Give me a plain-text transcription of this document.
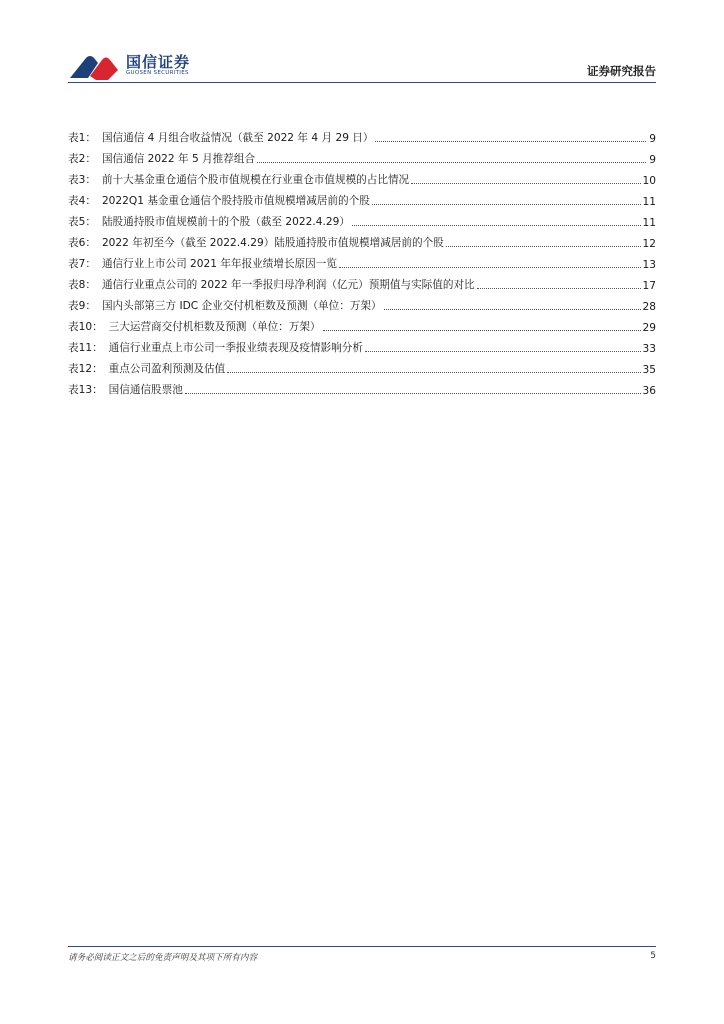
国信证券
GUOSEN SECURITIES	证券研究报告
表1： 国信通信 4 月组合收益情况（截至 2022 年 4 月 29 日）	9
表2： 国信通信 2022 年 5 月推荐组合	9
表3： 前十大基金重仓通信个股市值规模在行业重仓市值规模的占比情况	10
表4： 2022Q1 基金重仓通信个股持股市值规模增减居前的个股	11
表5： 陆股通持股市值规模前十的个股（截至 2022.4.29）	11
表6： 2022 年初至今（截至 2022.4.29）陆股通持股市值规模增减居前的个股	12
表7： 通信行业上市公司 2021 年年报业绩增长原因一览	13
表8： 通信行业重点公司的 2022 年一季报归母净利润（亿元）预期值与实际值的对比	17
表9： 国内头部第三方 IDC 企业交付机柜数及预测（单位：万架）	28
表10： 三大运营商交付机柜数及预测（单位：万架）	29
表11： 通信行业重点上市公司一季报业绩表现及疫情影响分析	33
表12： 重点公司盈利预测及估值	35
表13： 国信通信股票池	36
请务必阅读正文之后的免责声明及其项下所有内容	5
